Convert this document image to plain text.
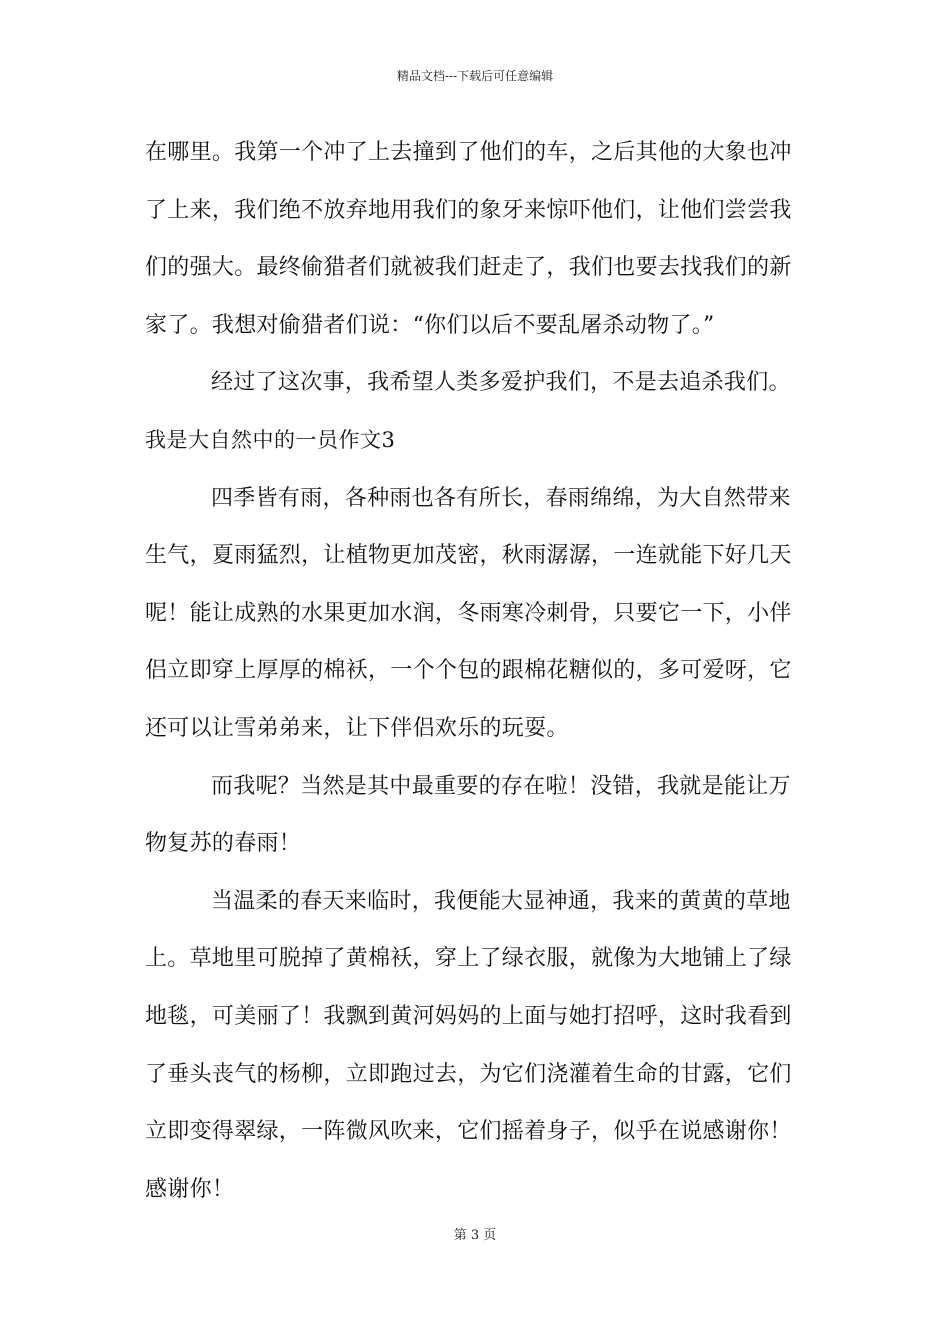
精品文档---下载后可任意编辑
在哪里。我第一个冲了上去撞到了他们的车，之后其他的大象也冲
了上来，我们绝不放弃地用我们的象牙来惊吓他们，让他们尝尝我
们的强大。最终偷猎者们就被我们赶走了，我们也要去找我们的新
家了。我想对偷猎者们说：“你们以后不要乱屠杀动物了。”
经过了这次事，我希望人类多爱护我们，不是去追杀我们。
我是大自然中的一员作文3
四季皆有雨，各种雨也各有所长，春雨绵绵，为大自然带来
生气，夏雨猛烈，让植物更加茂密，秋雨潺潺，一连就能下好几天
呢！能让成熟的水果更加水润，冬雨寒冷刺骨，只要它一下，小伴
侣立即穿上厚厚的棉袄，一个个包的跟棉花糖似的，多可爱呀，它
还可以让雪弟弟来，让下伴侣欢乐的玩耍。
而我呢？当然是其中最重要的存在啦！没错，我就是能让万
物复苏的春雨！
当温柔的春天来临时，我便能大显神通，我来的黄黄的草地
上。草地里可脱掉了黄棉袄，穿上了绿衣服，就像为大地铺上了绿
地毯，可美丽了！我飘到黄河妈妈的上面与她打招呼，这时我看到
了垂头丧气的杨柳，立即跑过去，为它们浇灌着生命的甘露，它们
立即变得翠绿，一阵微风吹来，它们摇着身子，似乎在说感谢你！
感谢你！
第 3 页
